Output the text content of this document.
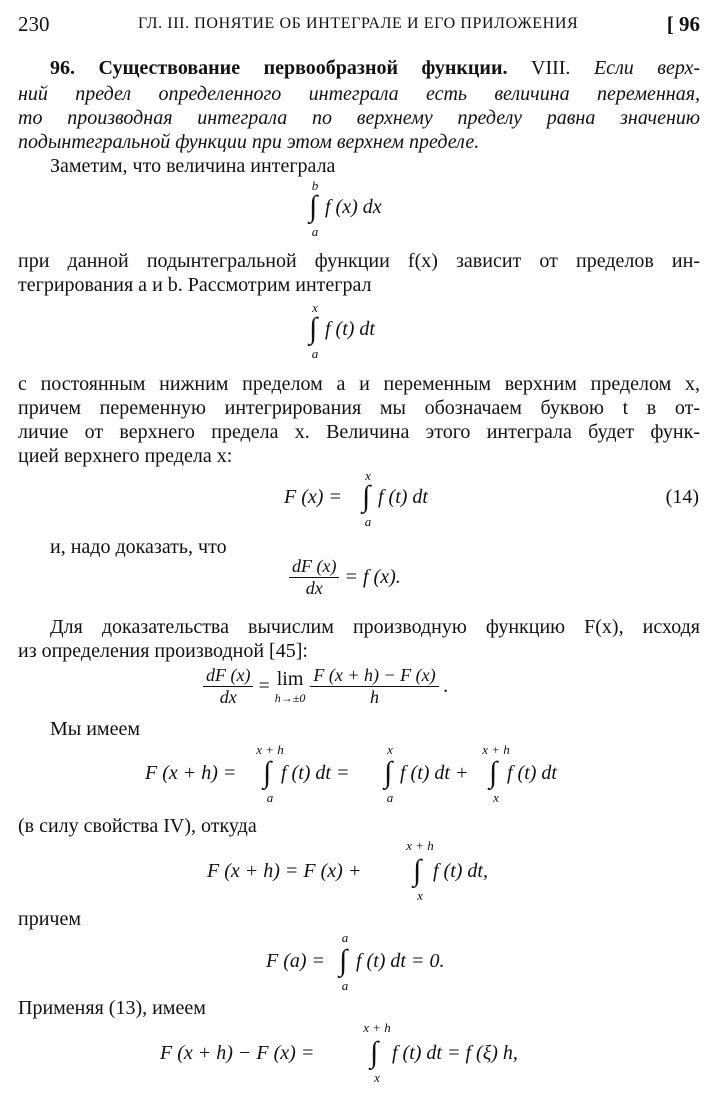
230	ГЛ. III. ПОНЯТИЕ ОБ ИНТЕГРАЛЕ И ЕГО ПРИЛОЖЕНИЯ	[ 96
96. Существование первообразной функции. VIII. Если верх-
ний предел определенного интеграла есть величина переменная,
то производная интеграла по верхнему пределу равна значению
подынтегральной функции при этом верхнем пределе.
Заметим, что величина интеграла
b
∫
a
f (x) dx
при данной подынтегральной функции f(x) зависит от пределов ин-
тегрирования a и b. Рассмотрим интеграл
x
∫
a
f (t) dt
с постоянным нижним пределом a и переменным верхним пределом x,
причем переменную интегрирования мы обозначаем буквою t в от-
личие от верхнего предела x. Величина этого интеграла будет функ-
цией верхнего предела x:
F (x) =
x
∫
a
f (t) dt	(14)
и, надо доказать, что
$\frac{dF (x)}{dx} = f$ (x).
Для доказательства вычислим производную функцию F(x), исходя
из определения производной [45]:
$\frac{dF (x)}{dx} = \lim$
h→±0
$\frac{F (x + h) - F (x)}{h}$ .
Мы имеем
F (x + h) =
x + h
∫
a
f (t) dt =
x
∫
a
f (t) dt +
x + h
∫
x
f (t) dt
(в силу свойства IV), откуда
F (x + h) = F (x) +
x + h
∫
x
f (t) dt,
причем
F (a) =
a
∫
a
f (t) dt = 0.
Применяя (13), имеем
F (x + h) − F (x) =
x + h
∫
x
f (t) dt = f (ξ) h,
